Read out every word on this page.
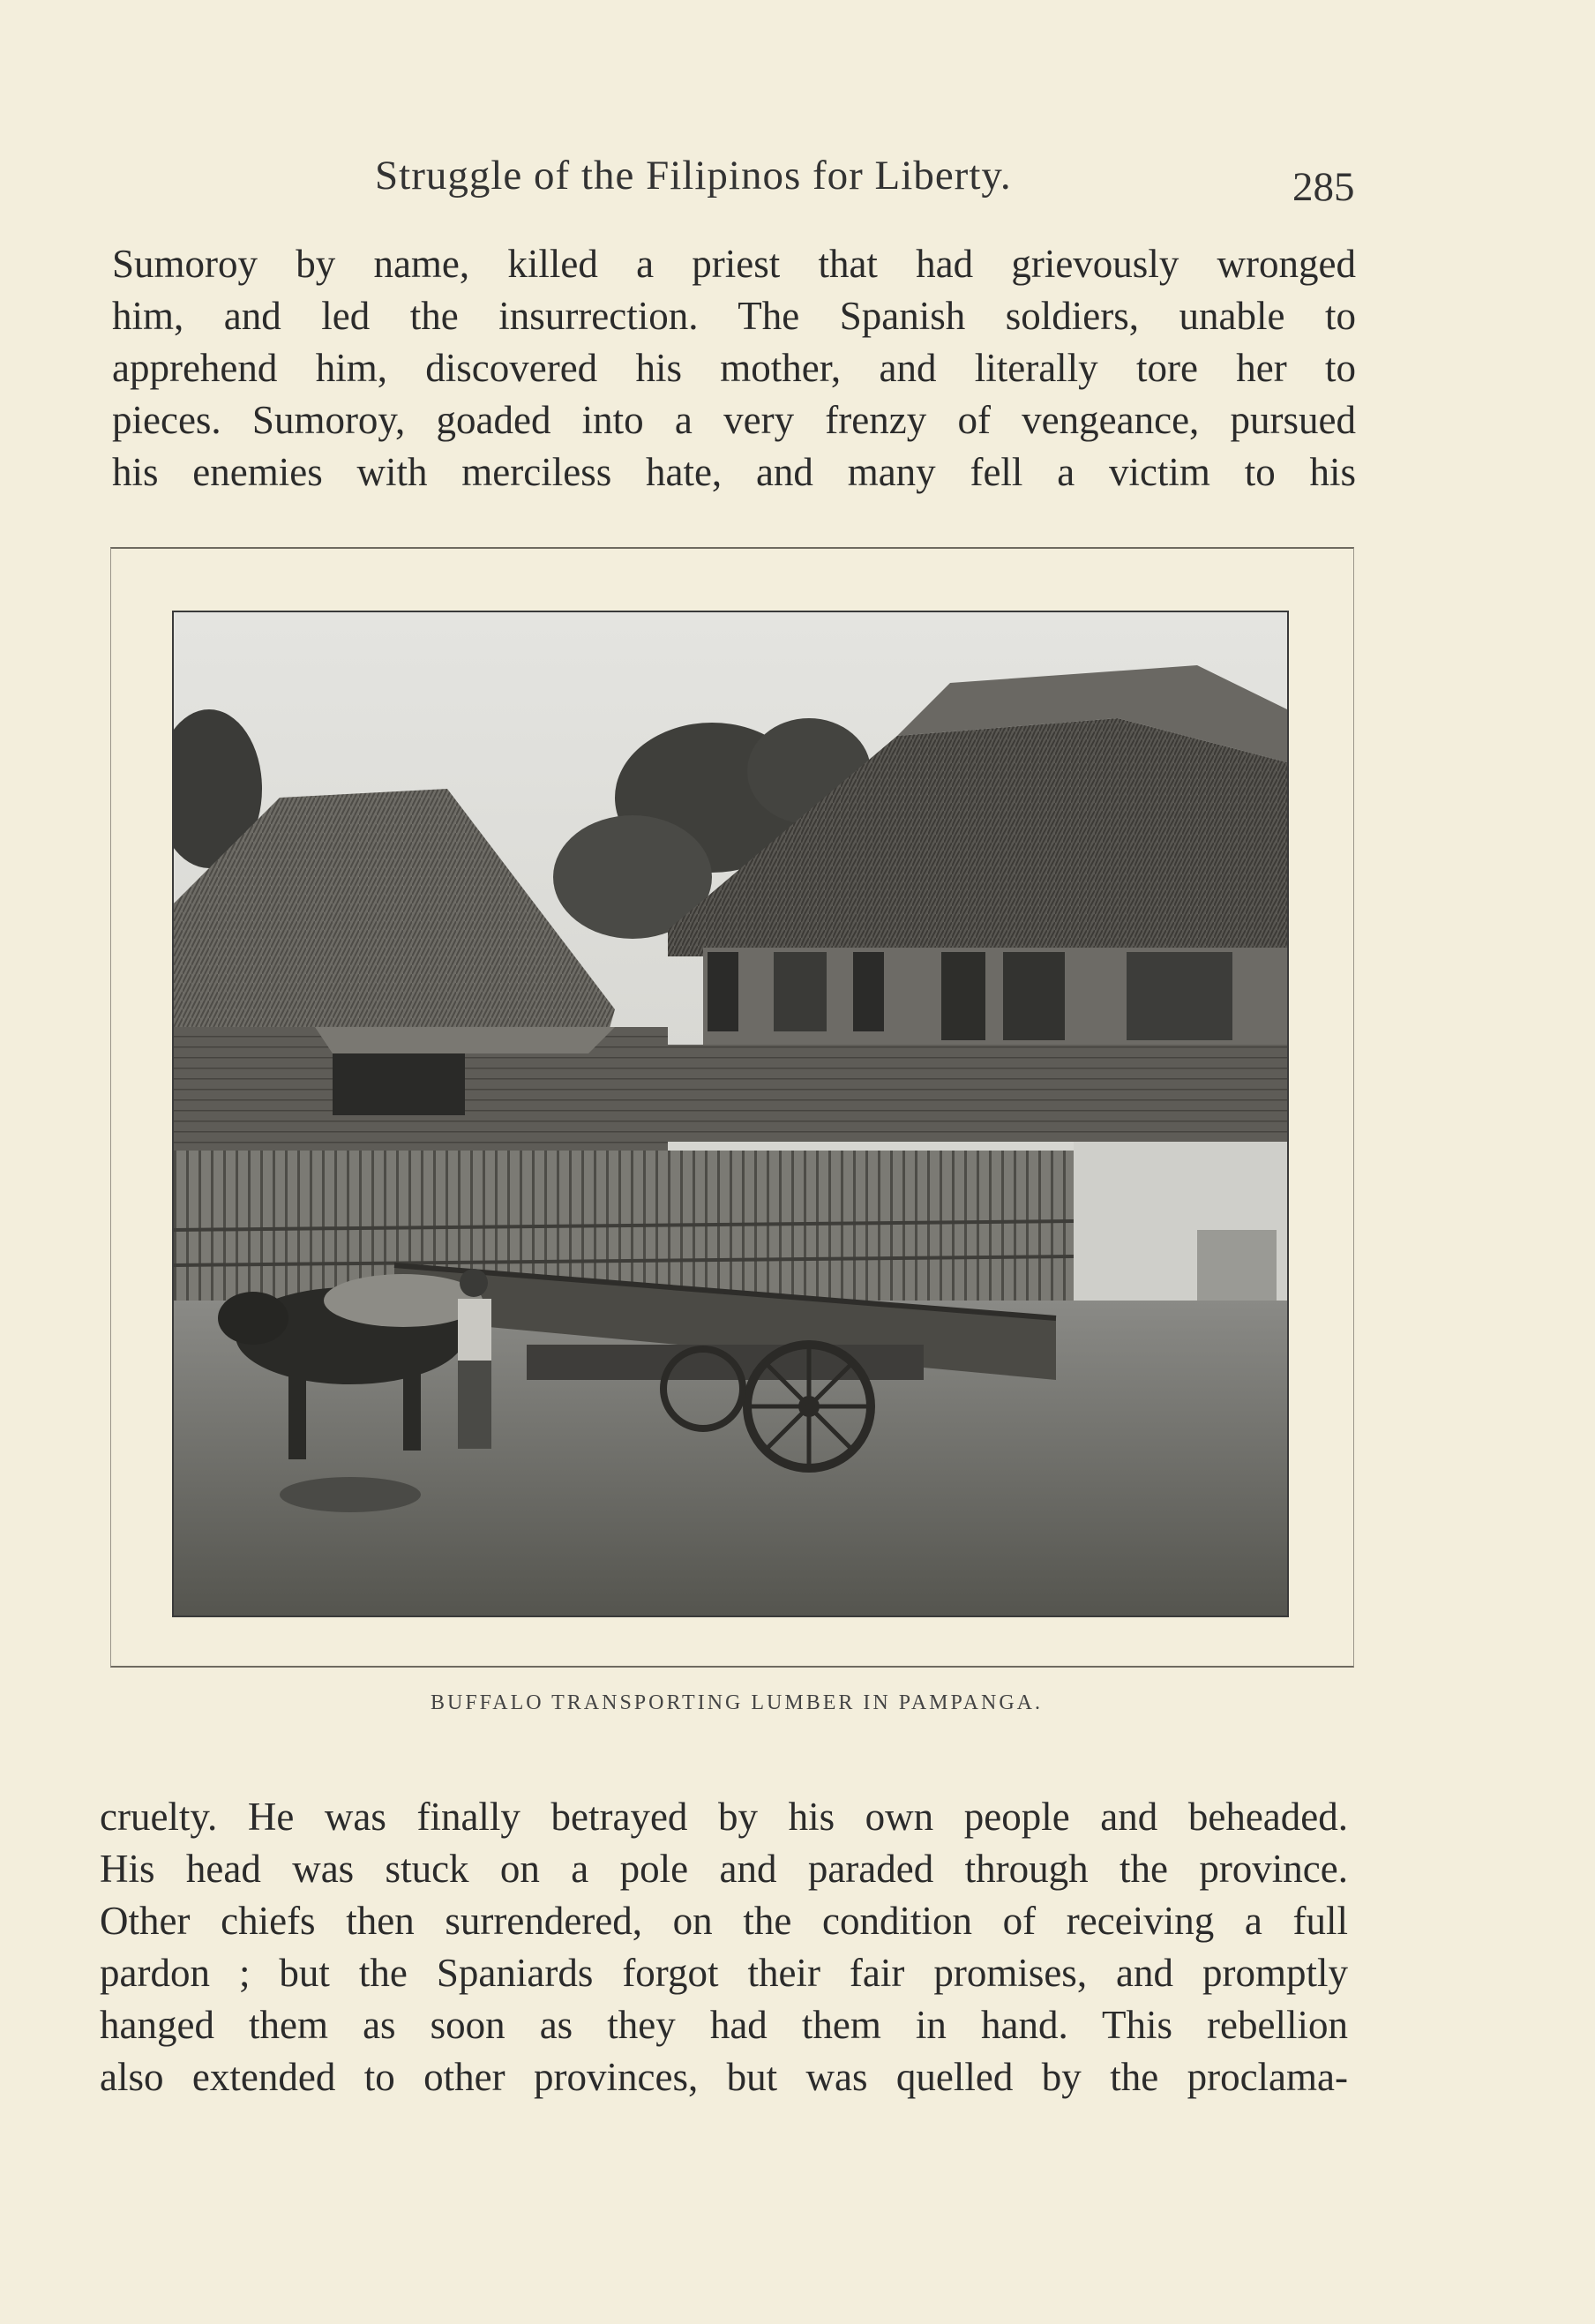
Struggle of the Filipinos for Liberty.	285
Sumoroy by name, killed a priest that had grievously wronged
him, and led the insurrection. The Spanish soldiers, unable to
apprehend him, discovered his mother, and literally tore her to
pieces. Sumoroy, goaded into a very frenzy of vengeance, pursued
his enemies with merciless hate, and many fell a victim to his
BUFFALO TRANSPORTING LUMBER IN PAMPANGA.
cruelty. He was finally betrayed by his own people and beheaded.
His head was stuck on a pole and paraded through the province.
Other chiefs then surrendered, on the condition of receiving a full
pardon ; but the Spaniards forgot their fair promises, and promptly
hanged them as soon as they had them in hand. This rebellion
also extended to other provinces, but was quelled by the proclama-
